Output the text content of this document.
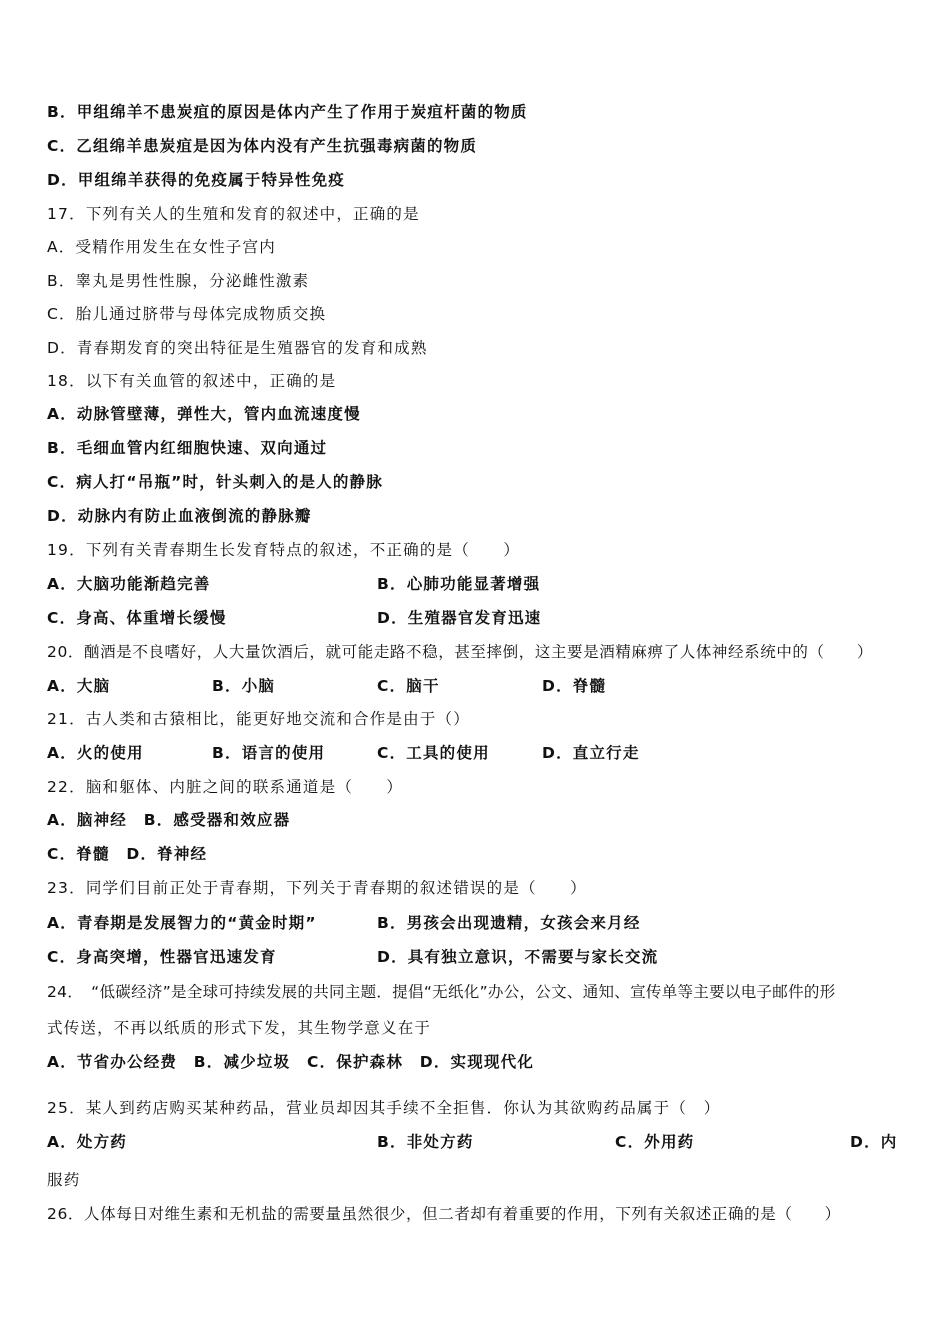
B．甲组绵羊不患炭疽的原因是体内产生了作用于炭疽杆菌的物质
C．乙组绵羊患炭疽是因为体内没有产生抗强毒病菌的物质
D．甲组绵羊获得的免疫属于特异性免疫
17．下列有关人的生殖和发育的叙述中，正确的是
A．受精作用发生在女性子宫内
B．睾丸是男性性腺，分泌雌性激素
C．胎儿通过脐带与母体完成物质交换
D．青春期发育的突出特征是生殖器官的发育和成熟
18．以下有关血管的叙述中，正确的是
A．动脉管壁薄，弹性大，管内血流速度慢
B．毛细血管内红细胞快速、双向通过
C．病人打“吊瓶”时，针头刺入的是人的静脉
D．动脉内有防止血液倒流的静脉瓣
19．下列有关青春期生长发育特点的叙述，不正确的是（　　）
A．大脑功能渐趋完善	B．心肺功能显著增强
C．身高、体重增长缓慢	D．生殖器官发育迅速
20．酗酒是不良嗜好，人大量饮酒后，就可能走路不稳，甚至摔倒，这主要是酒精麻痹了人体神经系统中的（　　）
A．大脑	B．小脑	C．脑干	D．脊髓
21．古人类和古猿相比，能更好地交流和合作是由于（）
A．火的使用	B．语言的使用	C．工具的使用	D．直立行走
22．脑和躯体、内脏之间的联系通道是（　　）
A．脑神经　B．感受器和效应器
C．脊髓　D．脊神经
23．同学们目前正处于青春期，下列关于青春期的叙述错误的是（　　）
A．青春期是发展智力的“黄金时期”	B．男孩会出现遗精，女孩会来月经
C．身高突增，性器官迅速发育	D．具有独立意识，不需要与家长交流
24．　“低碳经济”是全球可持续发展的共同主题．提倡“无纸化”办公，公文、通知、宣传单等主要以电子邮件的形
式传送，不再以纸质的形式下发，其生物学意义在于
A．节省办公经费　B．减少垃圾　C．保护森林　D．实现现代化
25．某人到药店购买某种药品，营业员却因其手续不全拒售．你认为其欲购药品属于（　）
A．处方药	B．非处方药	C．外用药	D．内
服药
26．人体每日对维生素和无机盐的需要量虽然很少，但二者却有着重要的作用，下列有关叙述正确的是（　　）
